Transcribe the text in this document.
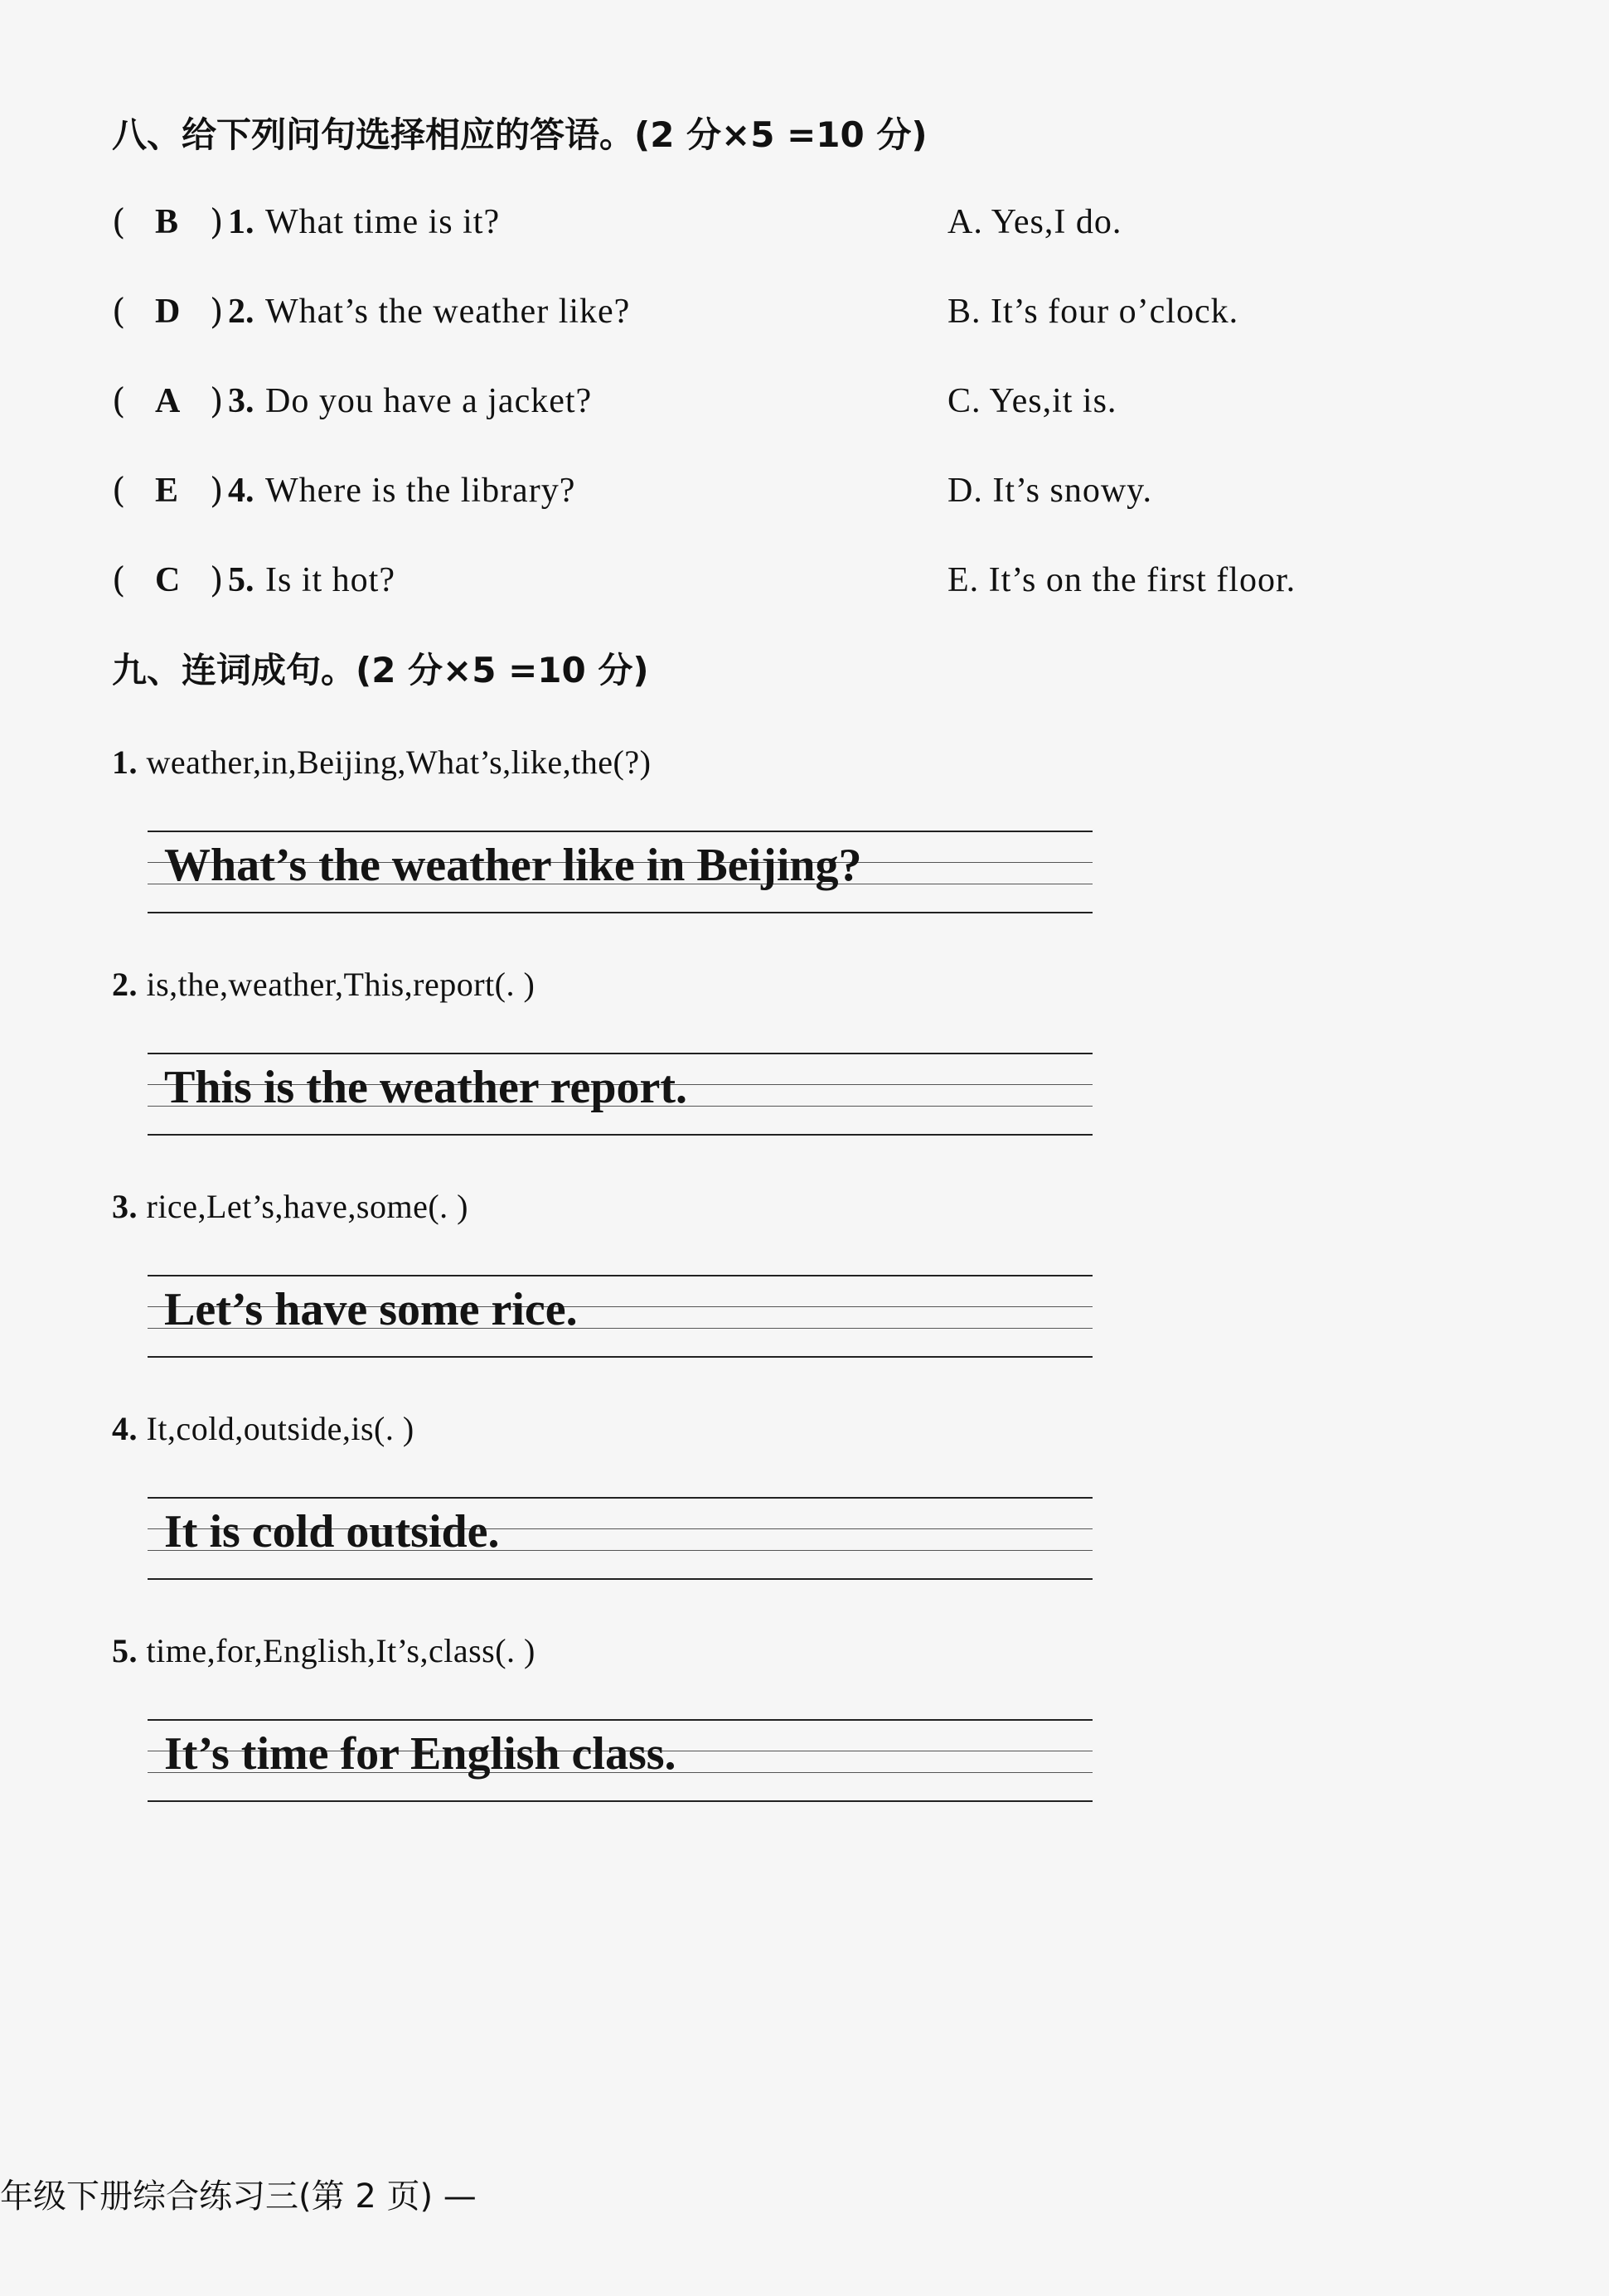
八、给下列问句选择相应的答语。(2 分×5 =10 分)
( B ) 1. What time is it?	A. Yes,I do.
( D ) 2. What’s the weather like?	B. It’s four o’clock.
( A ) 3. Do you have a jacket?	C. Yes,it is.
( E ) 4. Where is the library?	D. It’s snowy.
( C ) 5. Is it hot?	E. It’s on the first floor.
九、连词成句。(2 分×5 =10 分)
1. weather,in,Beijing,What’s,like,the(?)
What’s the weather like in Beijing?
2. is,the,weather,This,report(. )
This is the weather report.
3. rice,Let’s,have,some(. )
Let’s have some rice.
4. It,cold,outside,is(. )
It is cold outside.
5. time,for,English,It’s,class(. )
It’s time for English class.
年级下册综合练习三(第 2 页) —
